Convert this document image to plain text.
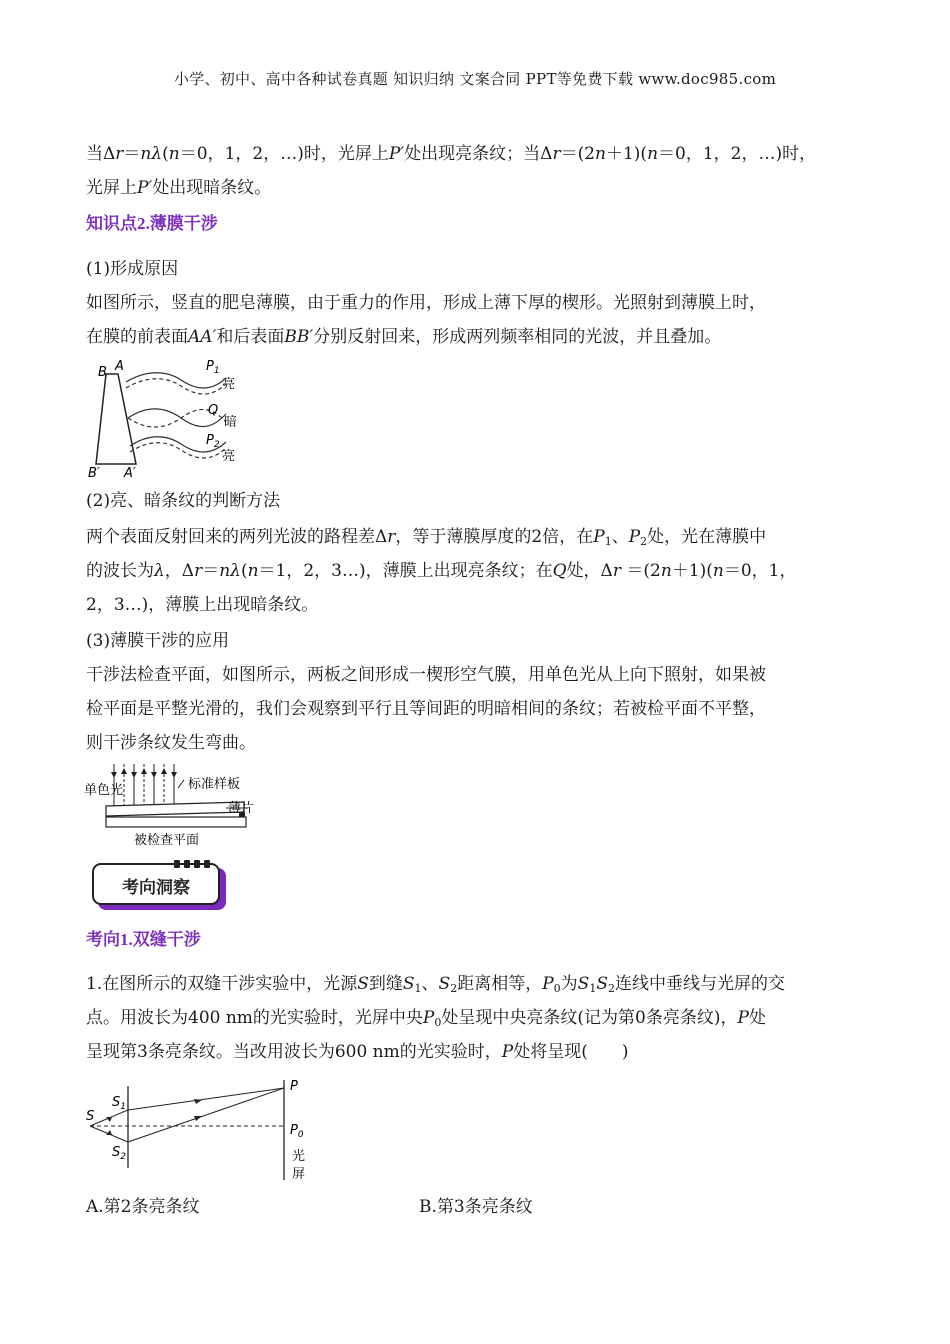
小学、初中、高中各种试卷真题 知识归纳 文案合同 PPT等免费下载 www.doc985.com
当Δr＝nλ(n＝0，1，2，…)时，光屏上P′处出现亮条纹；当Δr＝(2n＋1)(n＝0，1，2，…)时，
光屏上P′处出现暗条纹。
知识点2.薄膜干涉
(1)形成原因
如图所示，竖直的肥皂薄膜，由于重力的作用，形成上薄下厚的楔形。光照射到薄膜上时，
在膜的前表面AA′和后表面BB′分别反射回来，形成两列频率相同的光波，并且叠加。
B A
B′ A′
$P_1$
亮
Q
暗
$P_2$
亮
(2)亮、暗条纹的判断方法
两个表面反射回来的两列光波的路程差Δr，等于薄膜厚度的2倍，在$P_1$、$P_2$处，光在薄膜中
的波长为λ，Δr＝nλ(n＝1，2，3…)，薄膜上出现亮条纹；在Q处，Δr ＝(2n＋1)(n＝0，1，
2，3…)，薄膜上出现暗条纹。
(3)薄膜干涉的应用
干涉法检查平面，如图所示，两板之间形成一楔形空气膜，用单色光从上向下照射，如果被
检平面是平整光滑的，我们会观察到平行且等间距的明暗相间的条纹；若被检平面不平整，
则干涉条纹发生弯曲。
单色光	标准样板
薄片
被检查平面
考向洞察
考向1.双缝干涉
1.在图所示的双缝干涉实验中，光源S到缝$S_1$、$S_2$距离相等，$P_0$为$S_1S_2$连线中垂线与光屏的交
点。用波长为400 nm的光实验时，光屏中央$P_0$处呈现中央亮条纹(记为第0条亮条纹)，P处
呈现第3条亮条纹。当改用波长为600 nm的光实验时，P处将呈现(　　)
S
$S_1$
$S_2$
P
$P_0$
光
屏
A.第2条亮条纹	B.第3条亮条纹
